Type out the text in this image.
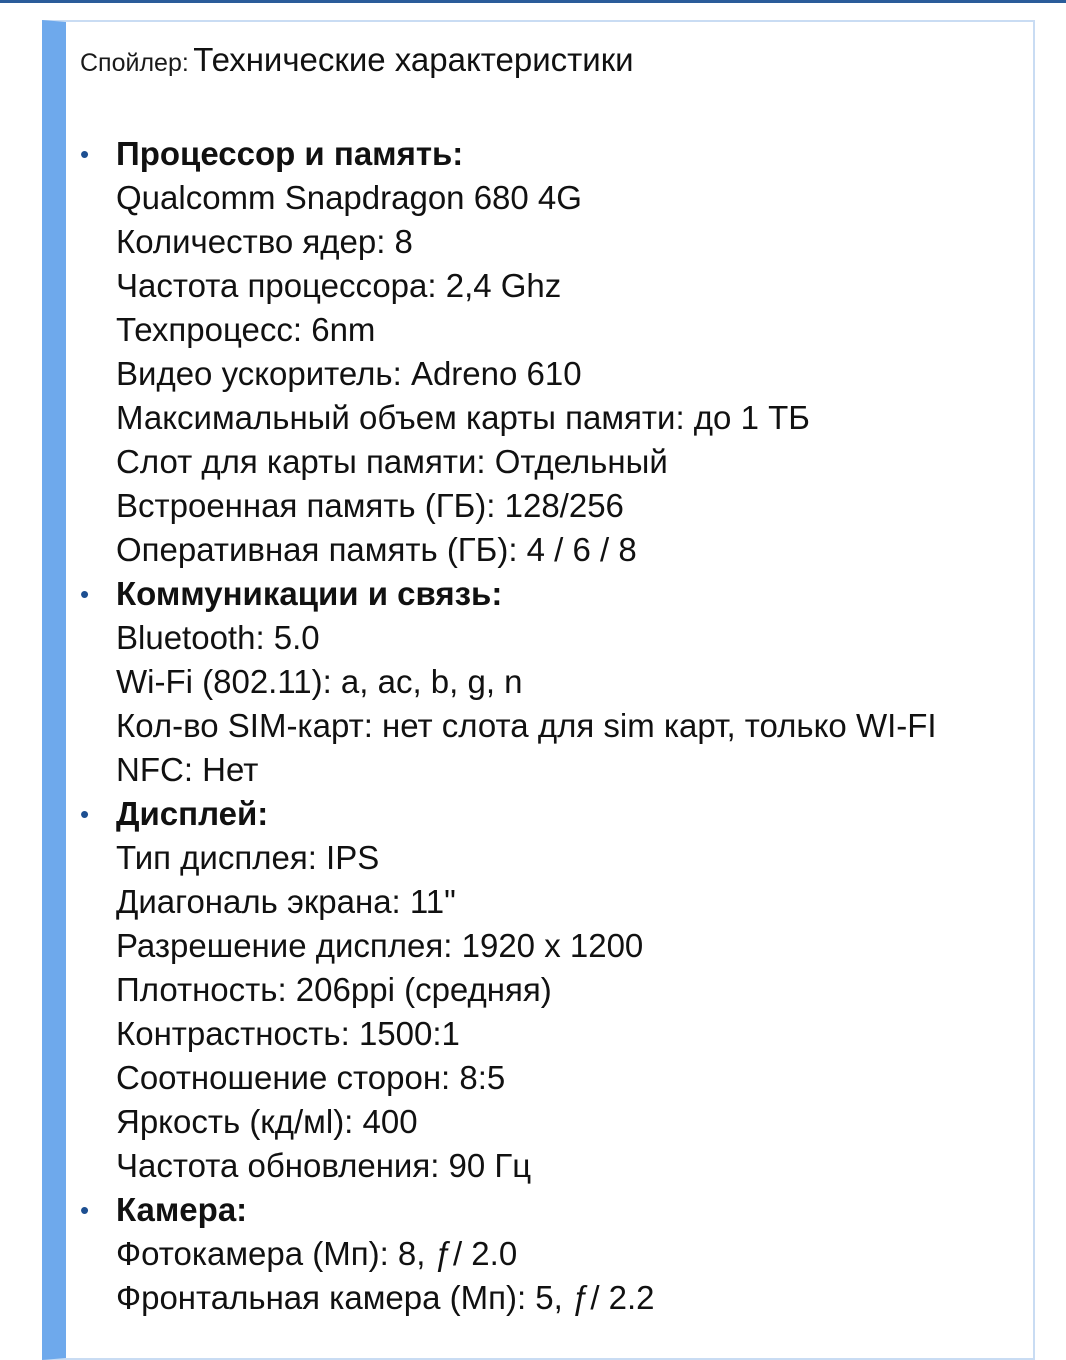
Спойлер: Технические характеристики
• Процессор и память:
Qualcomm Snapdragon 680 4G
Количество ядер: 8
Частота процессора: 2,4 Ghz
Техпроцесс: 6nm
Видео ускоритель: Adreno 610
Максимальный объем карты памяти: до 1 ТБ
Слот для карты памяти: Отдельный
Встроенная память (ГБ): 128/256
Оперативная память (ГБ): 4 / 6 / 8
• Коммуникации и связь:
Bluetooth: 5.0
Wi-Fi (802.11): a, ac, b, g, n
Кол-во SIM-карт: нет слота для sim карт, только WI-FI
NFC: Нет
• Дисплей:
Тип дисплея: IPS
Диагональ экрана: 11"
Разрешение дисплея: 1920 x 1200
Плотность: 206ppi (средняя)
Контрастность: 1500:1
Соотношение сторон: 8:5
Яркость (кд/мl): 400
Частота обновления: 90 Гц
• Камера:
Фотокамера (Мп): 8, ƒ/ 2.0
Фронтальная камера (Мп): 5, ƒ/ 2.2
